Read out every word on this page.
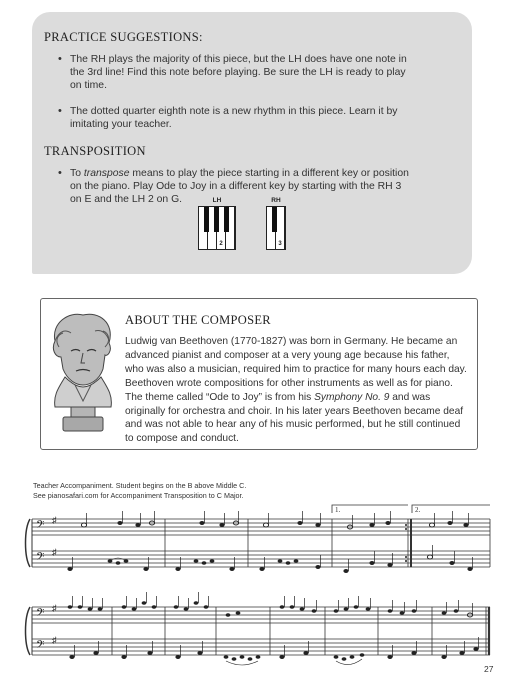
PRACTICE SUGGESTIONS:
• The RH plays the majority of this piece, but the LH does have one note in the 3rd line! Find this note before playing. Be sure the LH is ready to play on time.
• The dotted quarter eighth note is a new rhythm in this piece. Learn it by imitating your teacher.
TRANSPOSITION
• To transpose means to play the piece starting in a different key or position on the piano. Play Ode to Joy in a different key by starting with the RH 3 on E and the LH 2 on G.	LH
2
RH
3
ABOUT THE COMPOSER

Ludwig van Beethoven (1770-1827) was born in Germany. He became an advanced pianist and composer at a very young age because his father, who was also a musician, required him to practice for many hours each day. Beethoven wrote compositions for other instruments as well as for piano. The theme called “Ode to Joy” is from his Symphony No. 9 and was originally for orchestra and choir. In his later years Beethoven became deaf and was not able to hear any of his music performed, but he still continued to compose and conduct.

Teacher Accompaniment. Student begins on the B above Middle C.
See pianosafari.com for Accompaniment Transposition to C Major.
1.	2.
𝄢
𝄢
♯
♯
𝄢
𝄢
♯
♯
27
